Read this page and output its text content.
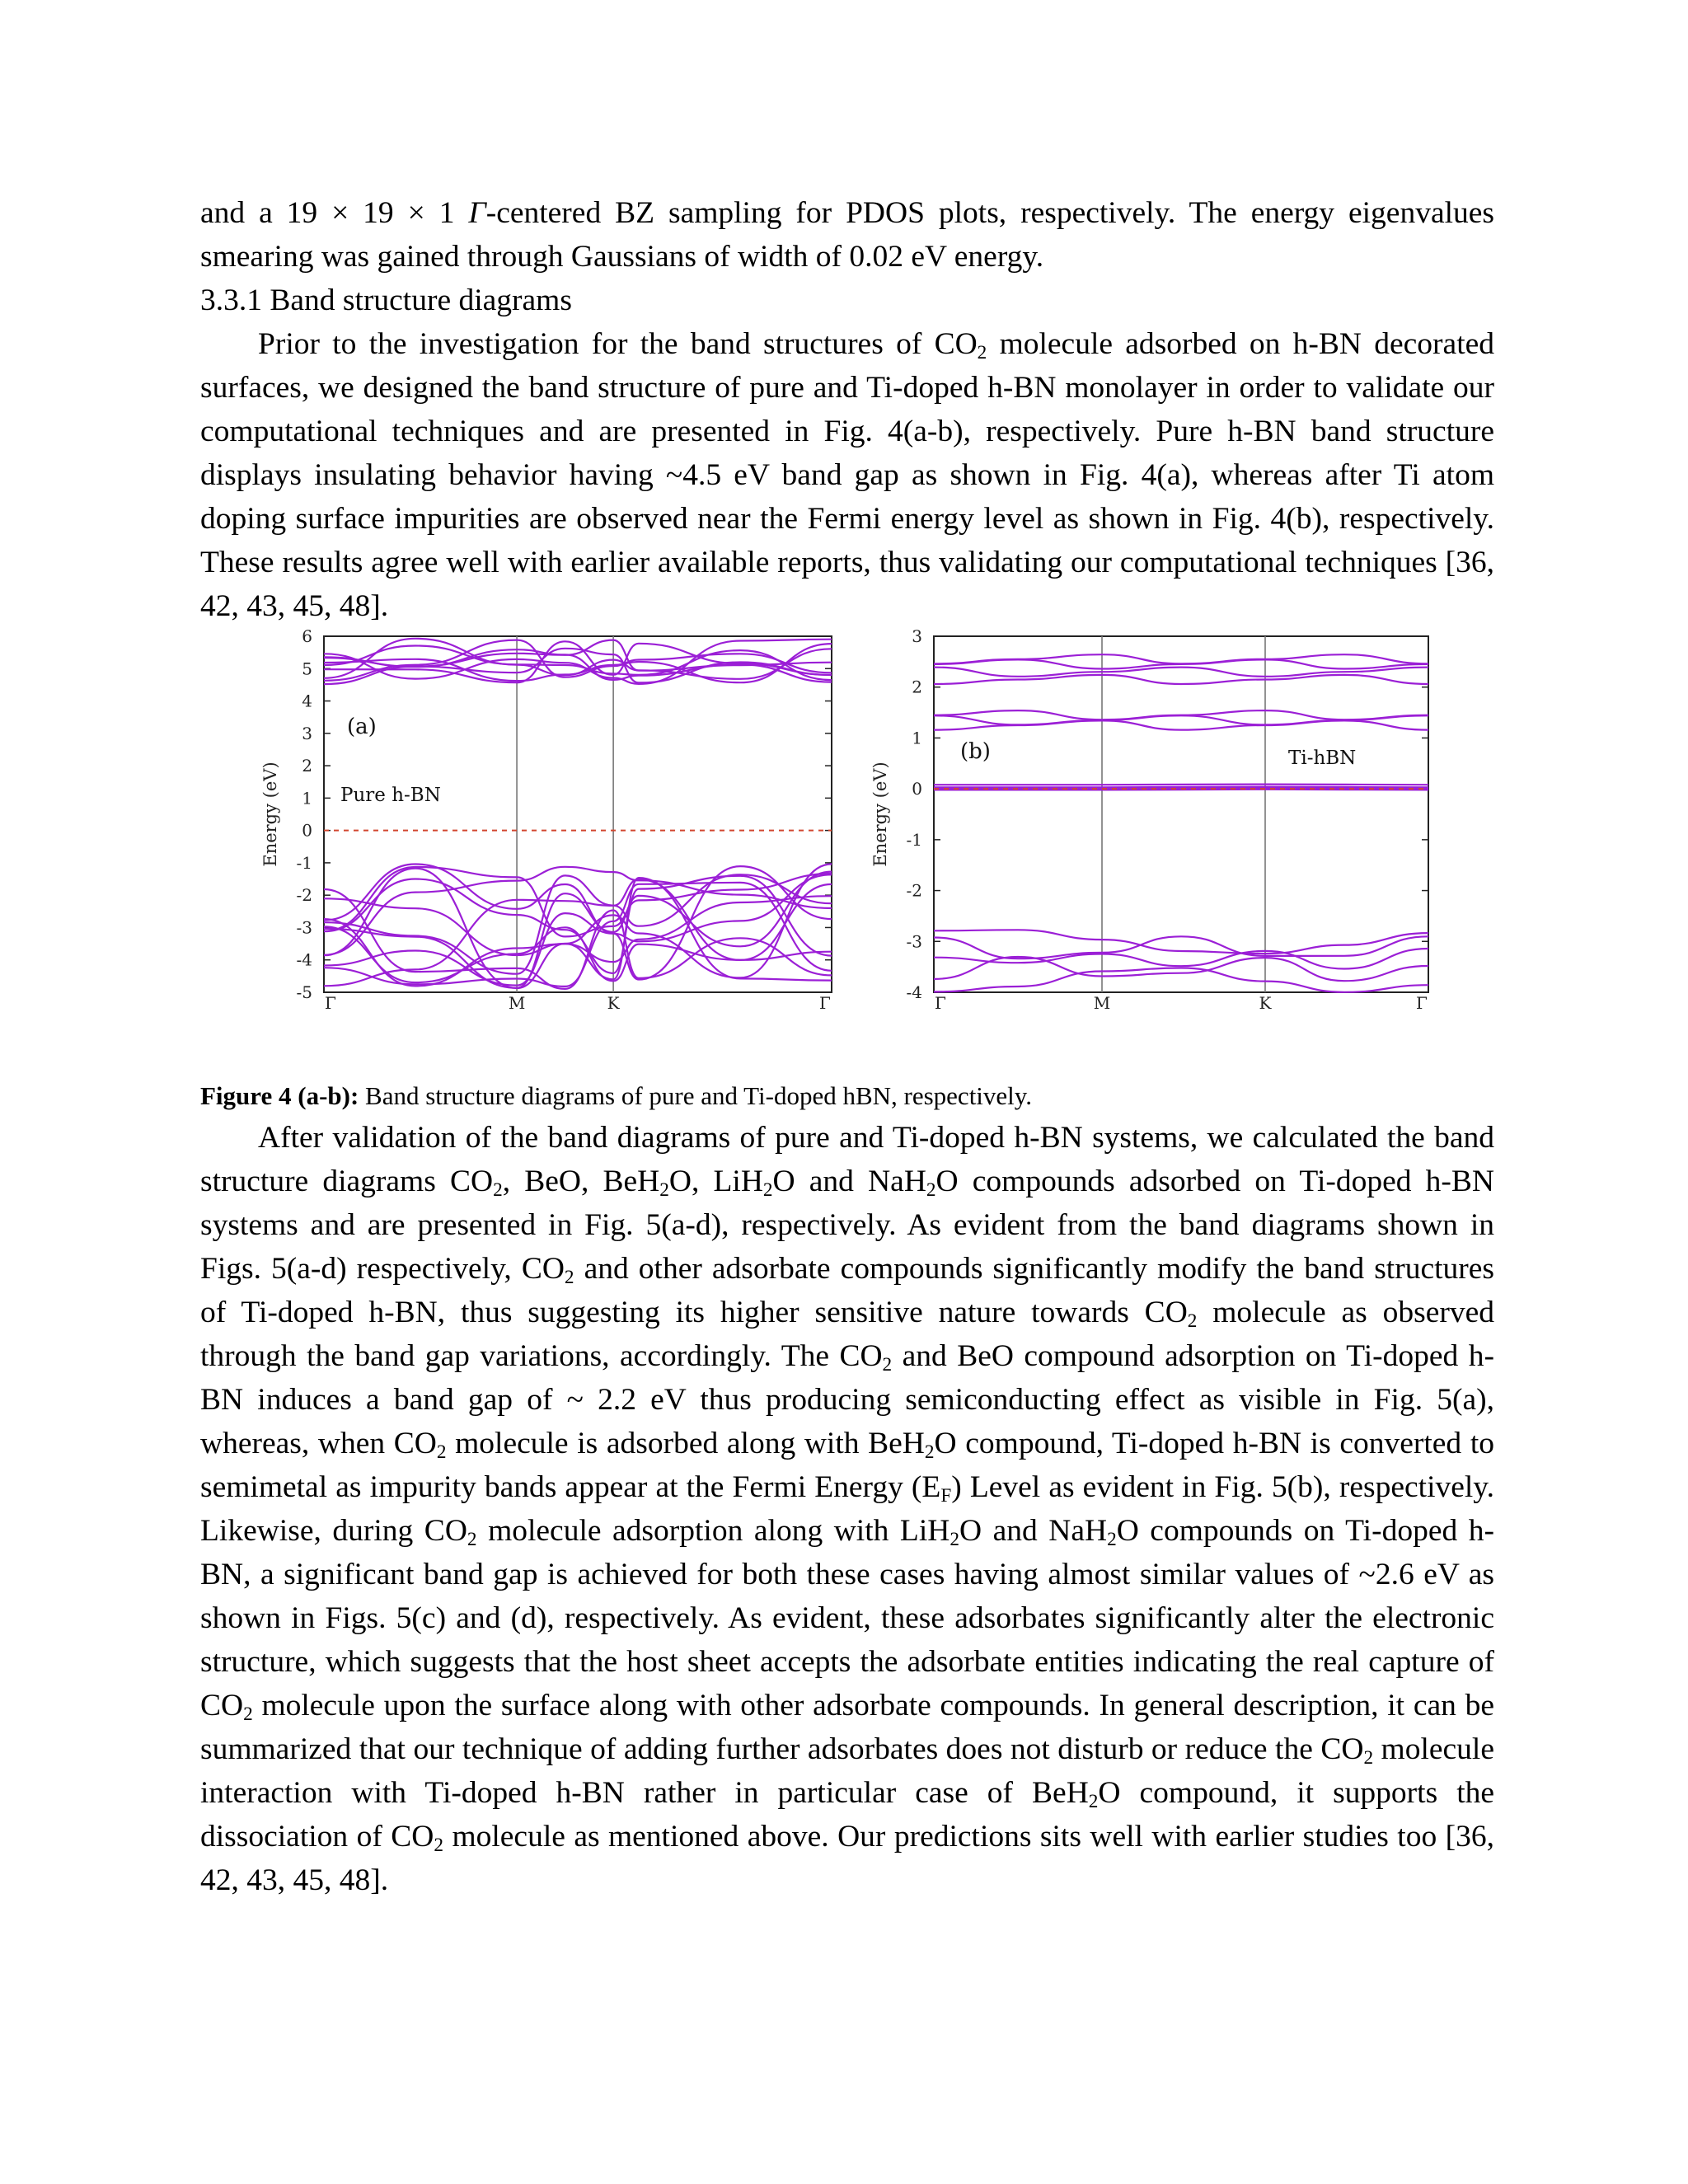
and a 19 × 19 × 1 Γ-centered BZ sampling for PDOS plots, respectively. The energy eigenvalues smearing was gained through Gaussians of width of 0.02 eV energy.

3.3.1 Band structure diagrams

Prior to the investigation for the band structures of $CO_2$ molecule adsorbed on h-BN decorated surfaces, we designed the band structure of pure and Ti-doped h-BN monolayer in order to validate our computational techniques and are presented in Fig. 4(a-b), respectively. Pure h-BN band structure displays insulating behavior having ~4.5 eV band gap as shown in Fig. 4(a), whereas after Ti atom doping surface impurities are observed near the Fermi energy level as shown in Fig. 4(b), respectively. These results agree well with earlier available reports, thus validating our computational techniques [36, 42, 43, 45, 48].

6
5
4
3
2
1
0
-1
-2
-3
-4
-5
Γ	M	K	Γ
Energy (eV)
(a)
Pure h-BN
3
2
1
0
-1
-2
-3
-4
Γ	M	K	Γ
Energy (eV)
(b)	Ti-hBN

Figure 4 (a-b): Band structure diagrams of pure and Ti-doped hBN, respectively.

After validation of the band diagrams of pure and Ti-doped h-BN systems, we calculated the band structure diagrams $CO_2$, BeO, BeH$_2$O, LiH$_2$O and NaH$_2$O compounds adsorbed on Ti-doped h-BN systems and are presented in Fig. 5(a-d), respectively. As evident from the band diagrams shown in Figs. 5(a-d) respectively, $CO_2$ and other adsorbate compounds significantly modify the band structures of Ti-doped h-BN, thus suggesting its higher sensitive nature towards $CO_2$ molecule as observed through the band gap variations, accordingly. The $CO_2$ and BeO compound adsorption on Ti-doped h-BN induces a band gap of ~ 2.2 eV thus producing semiconducting effect as visible in Fig. 5(a), whereas, when $CO_2$ molecule is adsorbed along with BeH$_2$O compound, Ti-doped h-BN is converted to semimetal as impurity bands appear at the Fermi Energy $(E_F)$ Level as evident in Fig. 5(b), respectively. Likewise, during $CO_2$ molecule adsorption along with LiH$_2$O and NaH$_2$O compounds on Ti-doped h-BN, a significant band gap is achieved for both these cases having almost similar values of ~2.6 eV as shown in Figs. 5(c) and (d), respectively. As evident, these adsorbates significantly alter the electronic structure, which suggests that the host sheet accepts the adsorbate entities indicating the real capture of $CO_2$ molecule upon the surface along with other adsorbate compounds. In general description, it can be summarized that our technique of adding further adsorbates does not disturb or reduce the $CO_2$ molecule interaction with Ti-doped h-BN rather in particular case of BeH$_2$O compound, it supports the dissociation of $CO_2$ molecule as mentioned above. Our predictions sits well with earlier studies too [36, 42, 43, 45, 48].
